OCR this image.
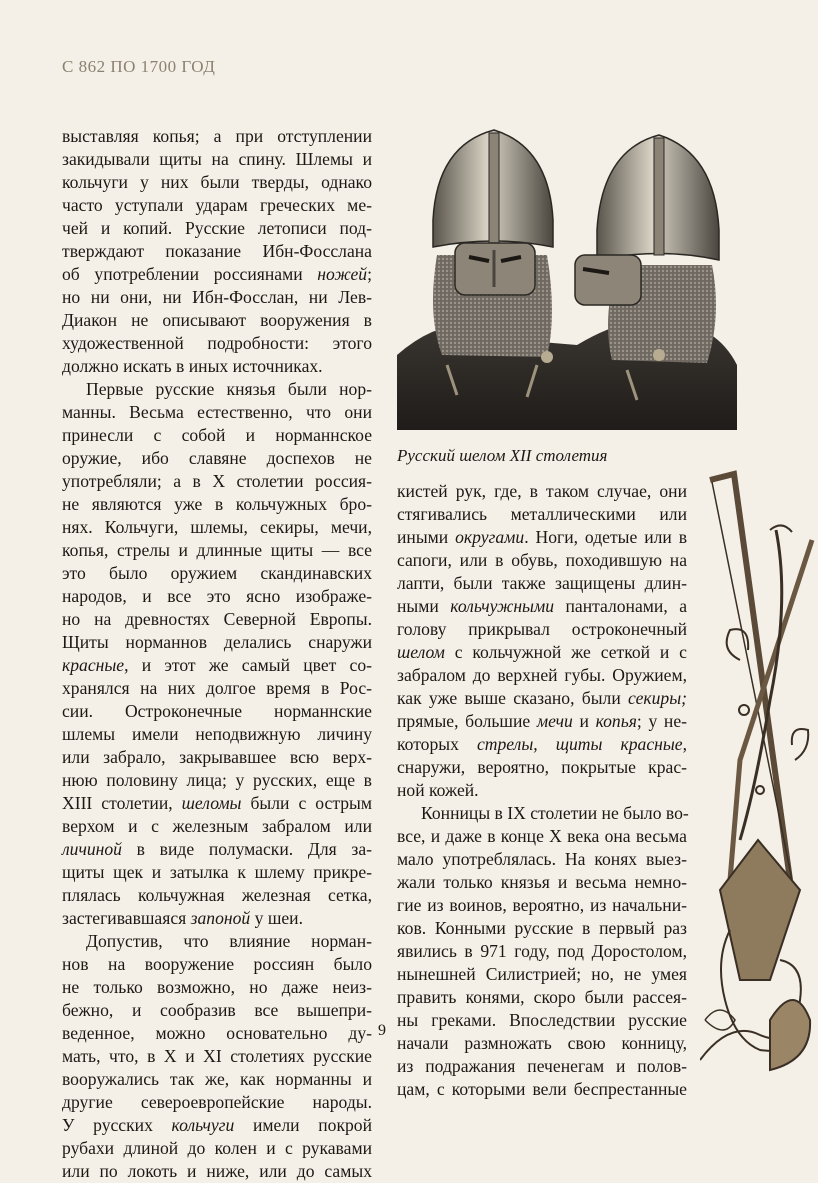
С 862 ПО 1700 ГОД
выставляя копья; а при отступлении
закидывали щиты на спину. Шлемы и
кольчуги у них были тверды, однако
часто уступали ударам греческих ме-
чей и копий. Русские летописи под-
тверждают показание Ибн-Фосслана
об употреблении россиянами ножей;
но ни они, ни Ибн-Фосслан, ни Лев-
Диакон не описывают вооружения в
художественной подробности: этого
должно искать в иных источниках.
Первые русские князья были нор-
манны. Весьма естественно, что они
принесли с собой и норманнское
оружие, ибо славяне доспехов не
употребляли; а в X столетии россия-
не являются уже в кольчужных бро-
нях. Кольчуги, шлемы, секиры, мечи,
копья, стрелы и длинные щиты — все
это было оружием скандинавских
народов, и все это ясно изображе-
но на древностях Северной Европы.
Щиты норманнов делались снаружи
красные, и этот же самый цвет со-
хранялся на них долгое время в Рос-
сии. Остроконечные норманнские
шлемы имели неподвижную личину
или забрало, закрывавшее всю верх-
нюю половину лица; у русских, еще в
XIII столетии, шеломы были с острым
верхом и с железным забралом или
личиной в виде полумаски. Для за-
щиты щек и затылка к шлему прикре-
плялась кольчужная железная сетка,
застегивавшаяся запоной у шеи.
Допустив, что влияние норман-
нов на вооружение россиян было
не только возможно, но даже неиз-
бежно, и сообразив все вышепри-
веденное, можно основательно ду-
мать, что, в X и XI столетиях русские
вооружались так же, как норманны и
другие североевропейские народы.
У русских кольчуги имели покрой
рубахи длиной до колен и с рукавами
или по локоть и ниже, или до самых
Русский шелом XII столетия
кистей рук, где, в таком случае, они
стягивались металлическими или
иными округами. Ноги, одетые или в
сапоги, или в обувь, походившую на
лапти, были также защищены длин-
ными кольчужными панталонами, а
голову прикрывал остроконечный
шелом с кольчужной же сеткой и с
забралом до верхней губы. Оружием,
как уже выше сказано, были секиры;
прямые, большие мечи и копья; у не-
которых стрелы, щиты красные,
снаружи, вероятно, покрытые крас-
ной кожей.
Конницы в IX столетии не было во-
все, и даже в конце X века она весьма
мало употреблялась. На конях выез-
жали только князья и весьма немно-
гие из воинов, вероятно, из начальни-
ков. Конными русские в первый раз
явились в 971 году, под Доростолом,
нынешней Силистрией; но, не умея
править конями, скоро были рассея-
ны греками. Впоследствии русские
начали размножать свою конницу,
из подражания печенегам и полов-
цам, с которыми вели беспрестанные
9
